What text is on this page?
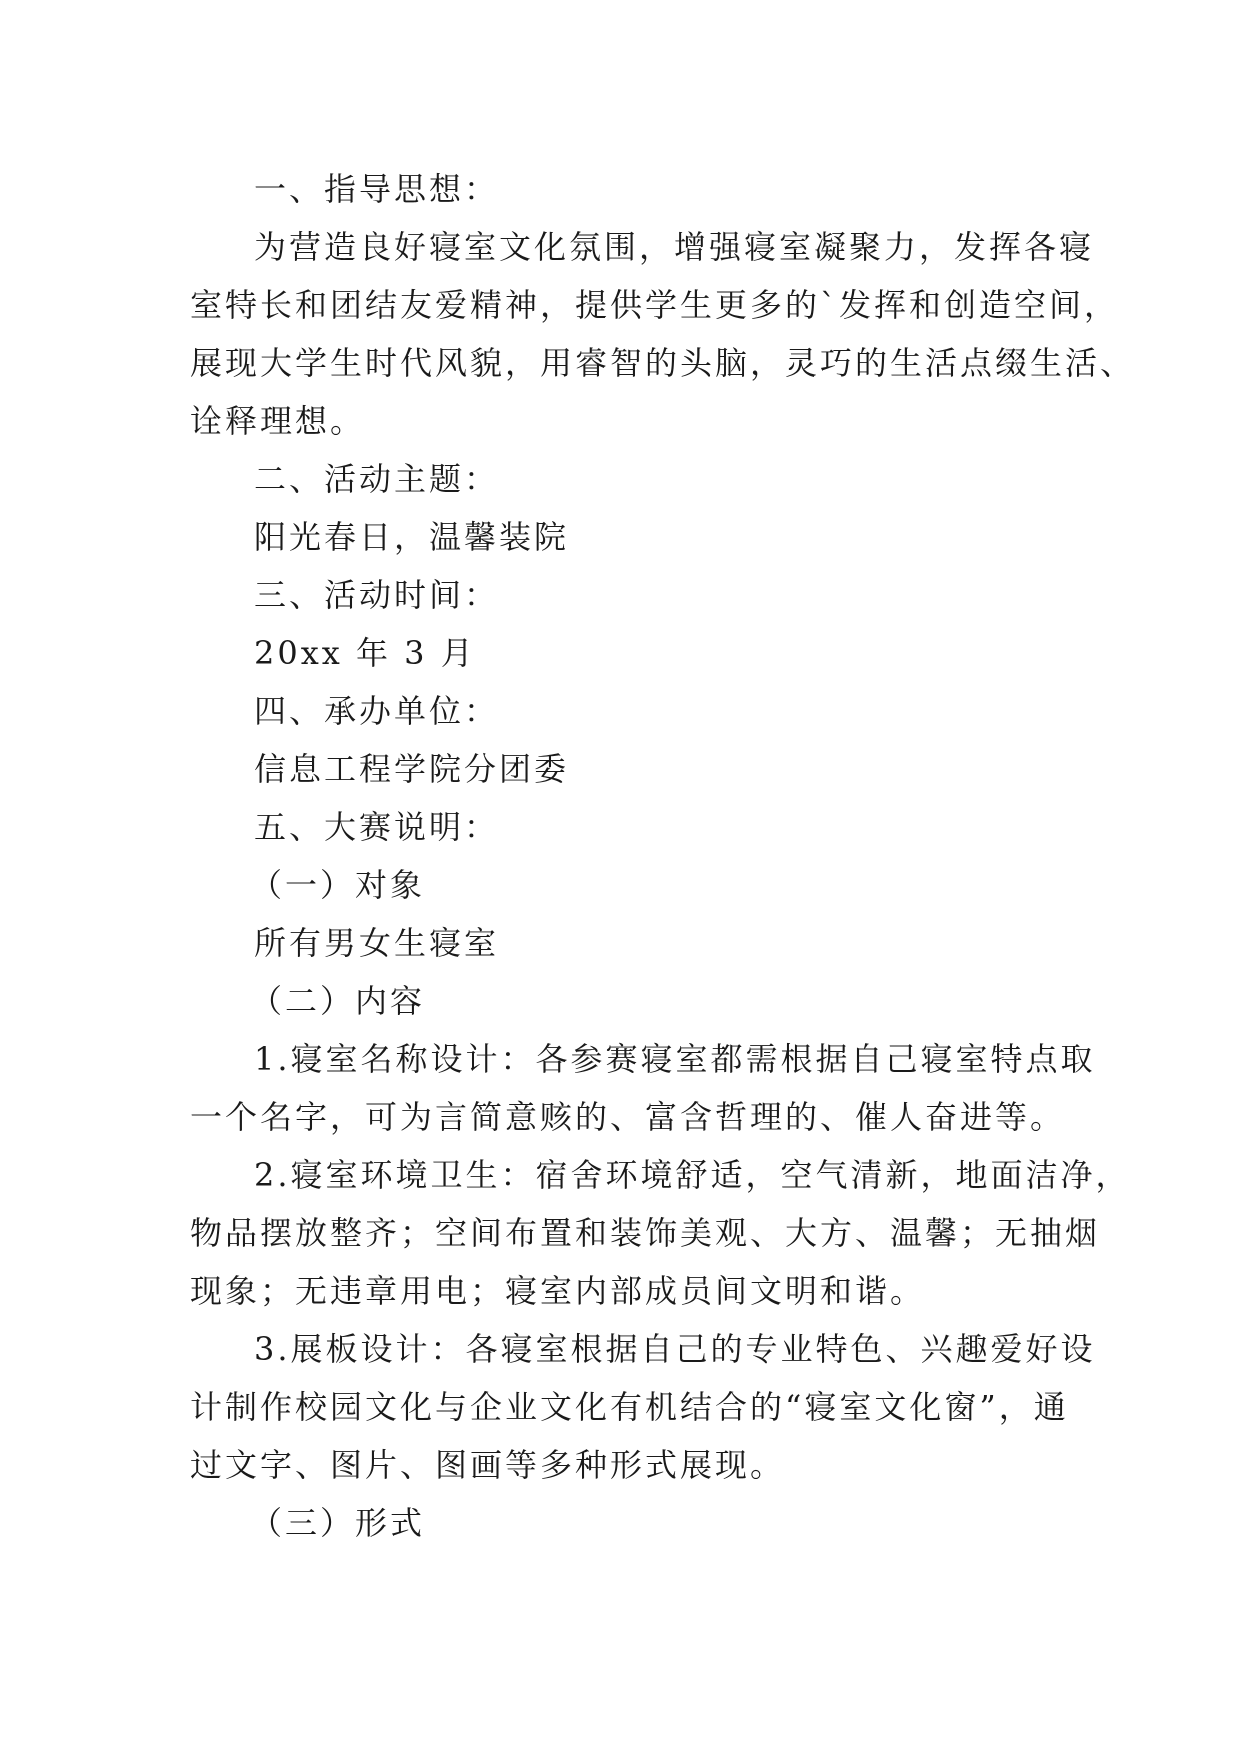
一、指导思想：
为营造良好寝室文化氛围，增强寝室凝聚力，发挥各寝
室特长和团结友爱精神，提供学生更多的`发挥和创造空间，
展现大学生时代风貌，用睿智的头脑，灵巧的生活点缀生活、
诠释理想。
二、活动主题：
阳光春日，温馨装院
三、活动时间：
20xx 年 3 月
四、承办单位：
信息工程学院分团委
五、大赛说明：
（一）对象
所有男女生寝室
（二）内容
1.寝室名称设计：各参赛寝室都需根据自己寝室特点取
一个名字，可为言简意赅的、富含哲理的、催人奋进等。
2.寝室环境卫生：宿舍环境舒适，空气清新，地面洁净，
物品摆放整齐；空间布置和装饰美观、大方、温馨；无抽烟
现象；无违章用电；寝室内部成员间文明和谐。
3.展板设计：各寝室根据自己的专业特色、兴趣爱好设
计制作校园文化与企业文化有机结合的“寝室文化窗”，通
过文字、图片、图画等多种形式展现。
（三）形式
